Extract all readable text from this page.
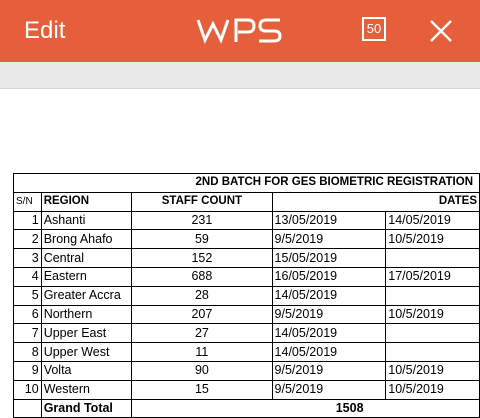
Edit	50
2ND BATCH FOR GES BIOMETRIC REGISTRATION				
S/N	REGION	STAFF COUNT	DATES	
1	Ashanti	231	13/05/2019	14/05/2019
2	Brong Ahafo	59	9/5/2019	10/5/2019
3	Central	152	15/05/2019	
4	Eastern	688	16/05/2019	17/05/2019
5	Greater Accra	28	14/05/2019	
6	Northern	207	9/5/2019	10/5/2019
7	Upper East	27	14/05/2019	
8	Upper West	11	14/05/2019	
9	Volta	90	9/5/2019	10/5/2019
10	Western	15	9/5/2019	10/5/2019
	Grand Total	1508		
